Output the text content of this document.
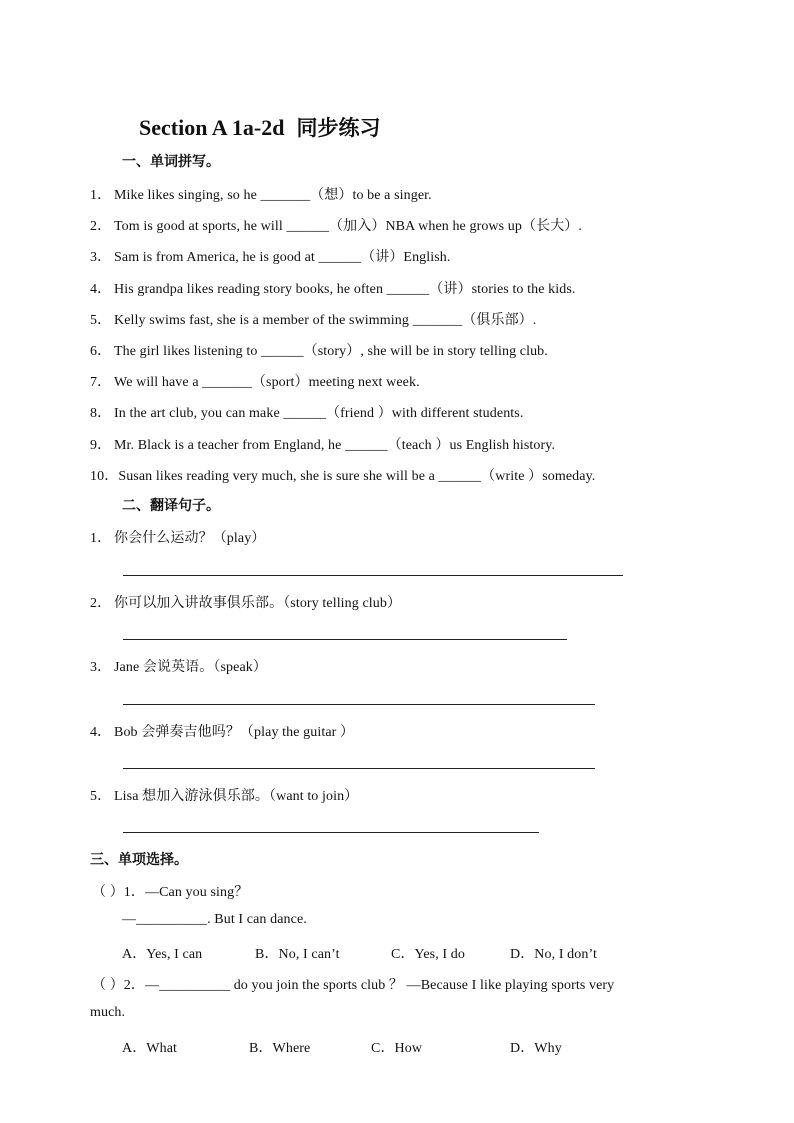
Section A 1a-2d 同步练习
一、单词拼写。
1． Mike likes singing, so he _______（想）to be a singer.
2． Tom is good at sports, he will ______（加入）NBA when he grows up（长大）.
3． Sam is from America, he is good at ______（讲）English.
4． His grandpa likes reading story books, he often ______（讲）stories to the kids.
5． Kelly swims fast, she is a member of the swimming _______（俱乐部）.
6． The girl likes listening to ______（story）, she will be in story telling club.
7． We will have a _______（sport）meeting next week.
8． In the art club, you can make ______（friend ）with different students.
9． Mr. Black is a teacher from England, he ______（teach ）us English history.
10．Susan likes reading very much, she is sure she will be a ______（write ）someday.
二、翻译句子。
1． 你会什么运动？（play）
2． 你可以加入讲故事俱乐部。（story telling club）
3． Jane 会说英语。（speak）
4． Bob 会弹奏吉他吗？（play the guitar ）
5． Lisa 想加入游泳俱乐部。（want to join）
三、单项选择。
（ ）1．—Can you sing？
—__________. But I can dance.
A．Yes, I can	B．No, I can’t	C．Yes, I do	D．No, I don’t
（ ）2．—__________ do you join the sports club ？ —Because I like playing sports very
much.
A．What	B．Where	C．How	D．Why
